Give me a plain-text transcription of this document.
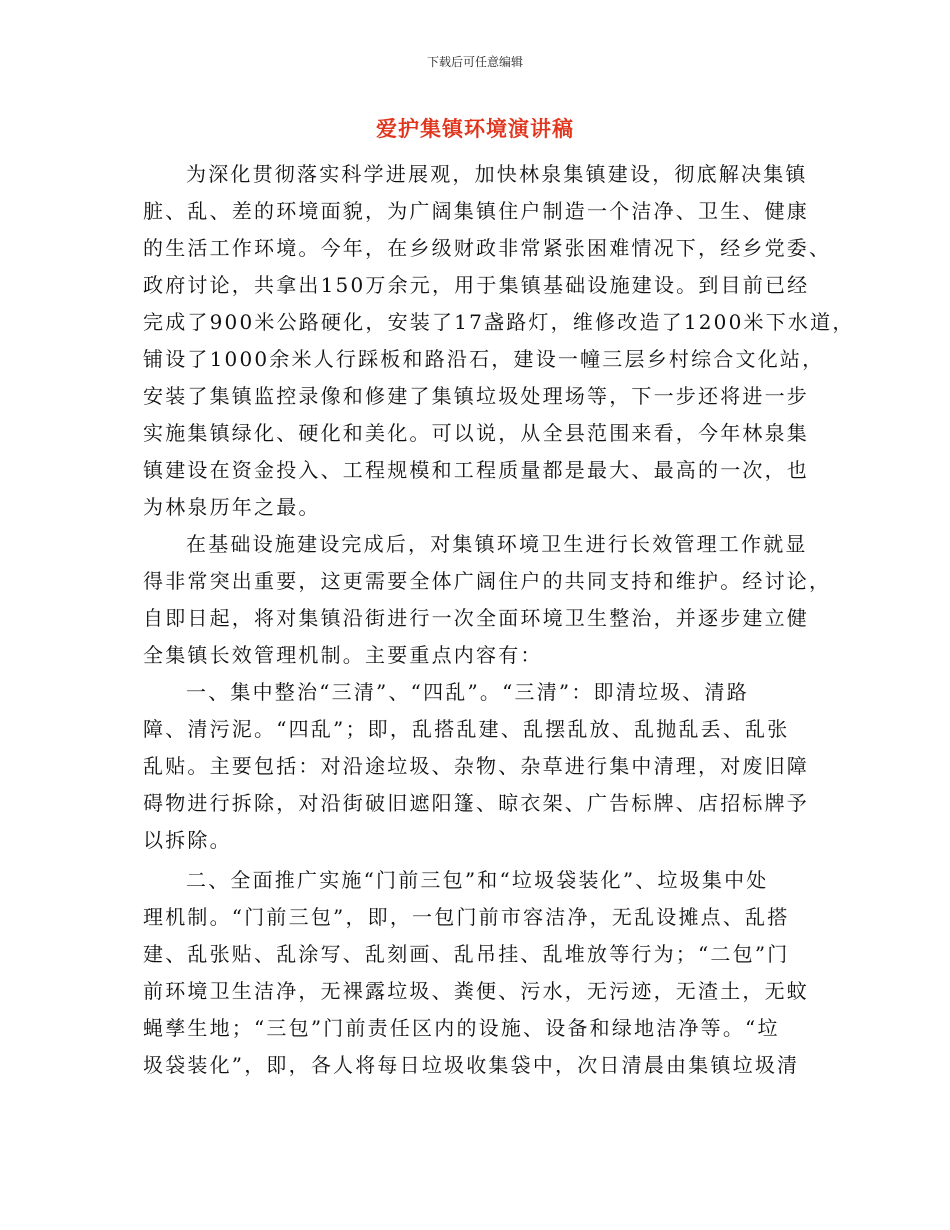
下载后可任意编辑
爱护集镇环境演讲稿
为深化贯彻落实科学进展观，加快林泉集镇建设，彻底解决集镇
脏、乱、差的环境面貌，为广阔集镇住户制造一个洁净、卫生、健康
的生活工作环境。今年，在乡级财政非常紧张困难情况下，经乡党委、
政府讨论，共拿出150万余元，用于集镇基础设施建设。到目前已经
完成了900米公路硬化，安装了17盏路灯，维修改造了1200米下水道，
铺设了1000余米人行踩板和路沿石，建设一幢三层乡村综合文化站，
安装了集镇监控录像和修建了集镇垃圾处理场等，下一步还将进一步
实施集镇绿化、硬化和美化。可以说，从全县范围来看，今年林泉集
镇建设在资金投入、工程规模和工程质量都是最大、最高的一次，也
为林泉历年之最。
在基础设施建设完成后，对集镇环境卫生进行长效管理工作就显
得非常突出重要，这更需要全体广阔住户的共同支持和维护。经讨论，
自即日起，将对集镇沿街进行一次全面环境卫生整治，并逐步建立健
全集镇长效管理机制。主要重点内容有：
一、集中整治“三清”、“四乱”。“三清”：即清垃圾、清路
障、清污泥。“四乱”；即，乱搭乱建、乱摆乱放、乱抛乱丢、乱张
乱贴。主要包括：对沿途垃圾、杂物、杂草进行集中清理，对废旧障
碍物进行拆除，对沿街破旧遮阳篷、晾衣架、广告标牌、店招标牌予
以拆除。
二、全面推广实施“门前三包”和“垃圾袋装化”、垃圾集中处
理机制。“门前三包”，即，一包门前市容洁净，无乱设摊点、乱搭
建、乱张贴、乱涂写、乱刻画、乱吊挂、乱堆放等行为；“二包”门
前环境卫生洁净，无裸露垃圾、粪便、污水，无污迹，无渣土，无蚊
蝇孳生地；“三包”门前责任区内的设施、设备和绿地洁净等。“垃
圾袋装化”，即，各人将每日垃圾收集袋中，次日清晨由集镇垃圾清
